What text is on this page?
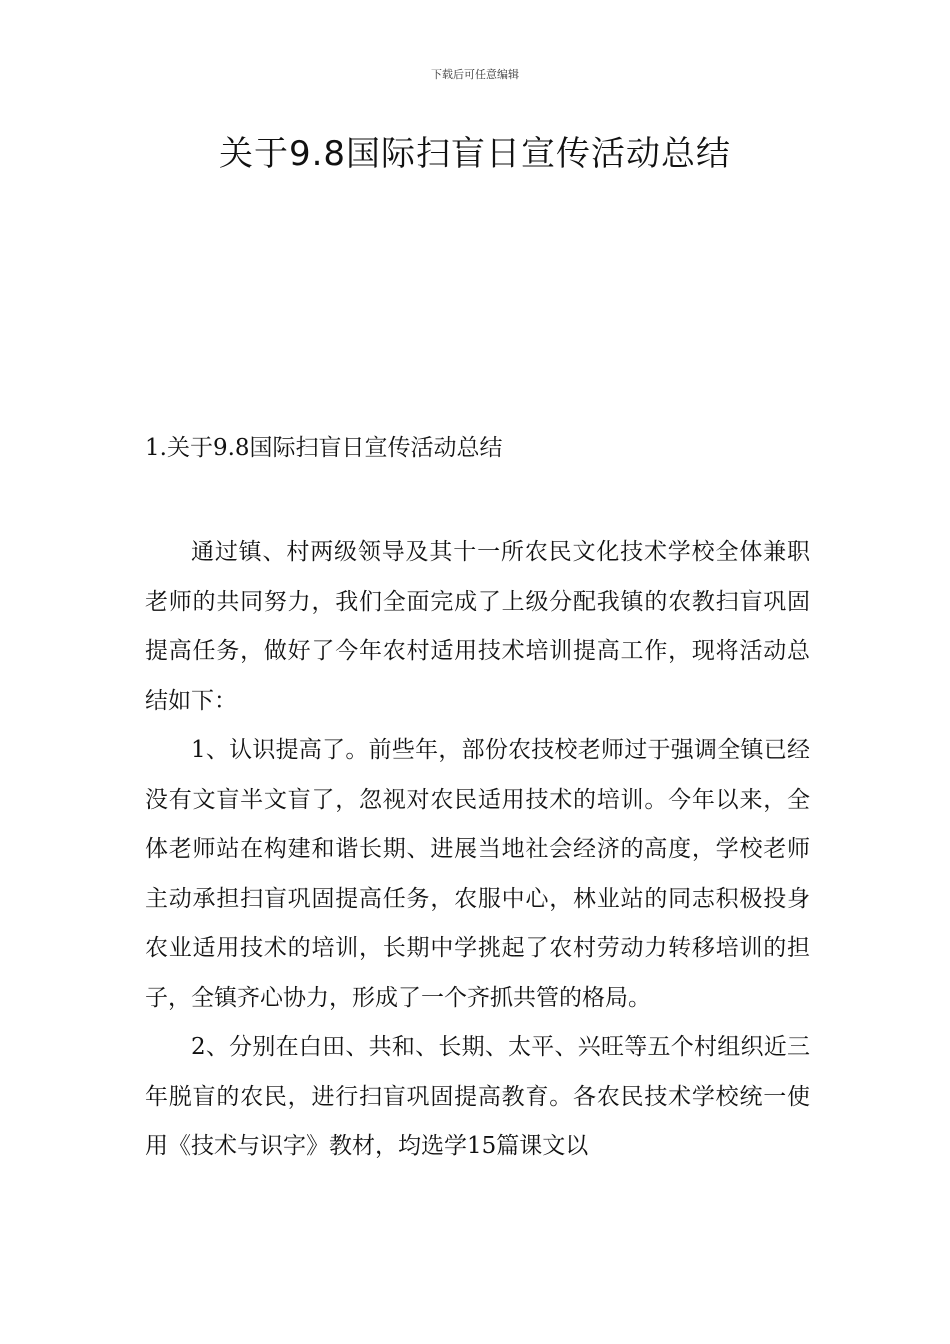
下载后可任意编辑
关于9.8国际扫盲日宣传活动总结
1.关于9.8国际扫盲日宣传活动总结

通过镇、村两级领导及其十一所农民文化技术学校全体兼职老师的共同努力，我们全面完成了上级分配我镇的农教扫盲巩固提高任务，做好了今年农村适用技术培训提高工作，现将活动总结如下：

1、认识提高了。前些年，部份农技校老师过于强调全镇已经没有文盲半文盲了，忽视对农民适用技术的培训。今年以来，全体老师站在构建和谐长期、进展当地社会经济的高度，学校老师主动承担扫盲巩固提高任务，农服中心，林业站的同志积极投身农业适用技术的培训，长期中学挑起了农村劳动力转移培训的担子，全镇齐心协力，形成了一个齐抓共管的格局。

2、分别在白田、共和、长期、太平、兴旺等五个村组织近三年脱盲的农民，进行扫盲巩固提高教育。各农民技术学校统一使用《技术与识字》教材，均选学15篇课文以
